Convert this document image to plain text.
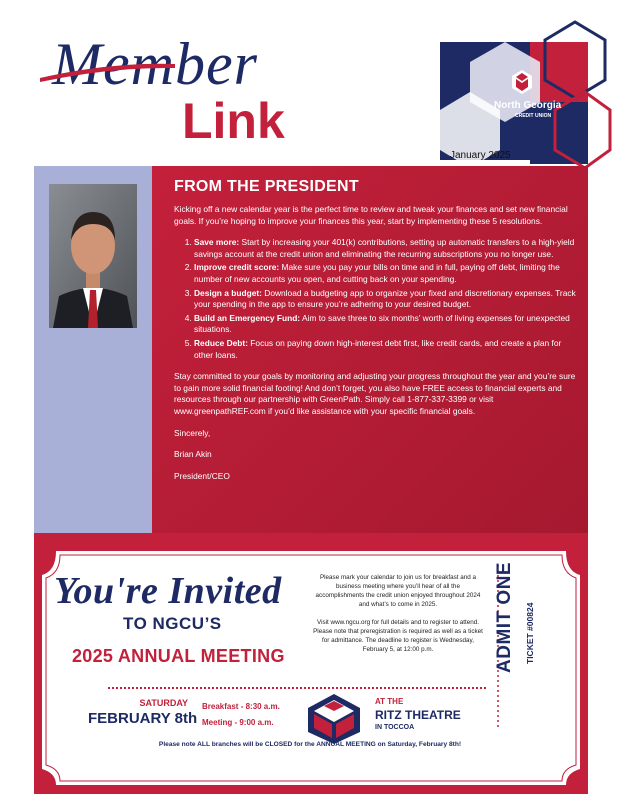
Member
Link	North Georgia
CREDIT UNION
January 2025
FROM THE PRESIDENT

Kicking off a new calendar year is the perfect time to review and tweak your finances and set new financial goals. If you’re hoping to improve your finances this year, start by implementing these 5 resolutions.

1. Save more: Start by increasing your 401(k) contributions, setting up automatic transfers to a high-yield savings account at the credit union and eliminating the recurring subscriptions you no longer use.
2. Improve credit score: Make sure you pay your bills on time and in full, paying off debt, limiting the number of new accounts you open, and cutting back on your spending.
3. Design a budget: Download a budgeting app to organize your fixed and discretionary expenses. Track your spending in the app to ensure you’re adhering to your desired budget.
4. Build an Emergency Fund: Aim to save three to six months’ worth of living expenses for unexpected situations.
5. Reduce Debt: Focus on paying down high-interest debt first, like credit cards, and create a plan for other loans.

Stay committed to your goals by monitoring and adjusting your progress throughout the year and you’re sure to gain more solid financial footing! And don’t forget, you also have FREE access to financial experts and resources through our partnership with GreenPath. Simply call 1-877-337-3399 or visit www.greenpathREF.com if you’d like assistance with your specific financial goals.

Sincerely,

Brian Akin

President/CEO

You're Invited
TO NGCU’S
2025 ANNUAL MEETING

Please mark your calendar to join us for breakfast and a business meeting where you’ll hear of all the accomplishments the credit union enjoyed throughout 2024 and what’s to come in 2025.

Visit www.ngcu.org for full details and to register to attend. Please note that preregistration is required as well as a ticket for admittance. The deadline to register is Wednesday, February 5, at 12:00 p.m.

SATURDAY
FEBRUARY 8th
Breakfast - 8:30 a.m.
Meeting - 9:00 a.m.
AT THE
RITZ THEATRE
IN TOCCOA
ADMIT ONE TICKET #00824
Please note ALL branches will be CLOSED for the ANNUAL MEETING on Saturday, February 8th!
